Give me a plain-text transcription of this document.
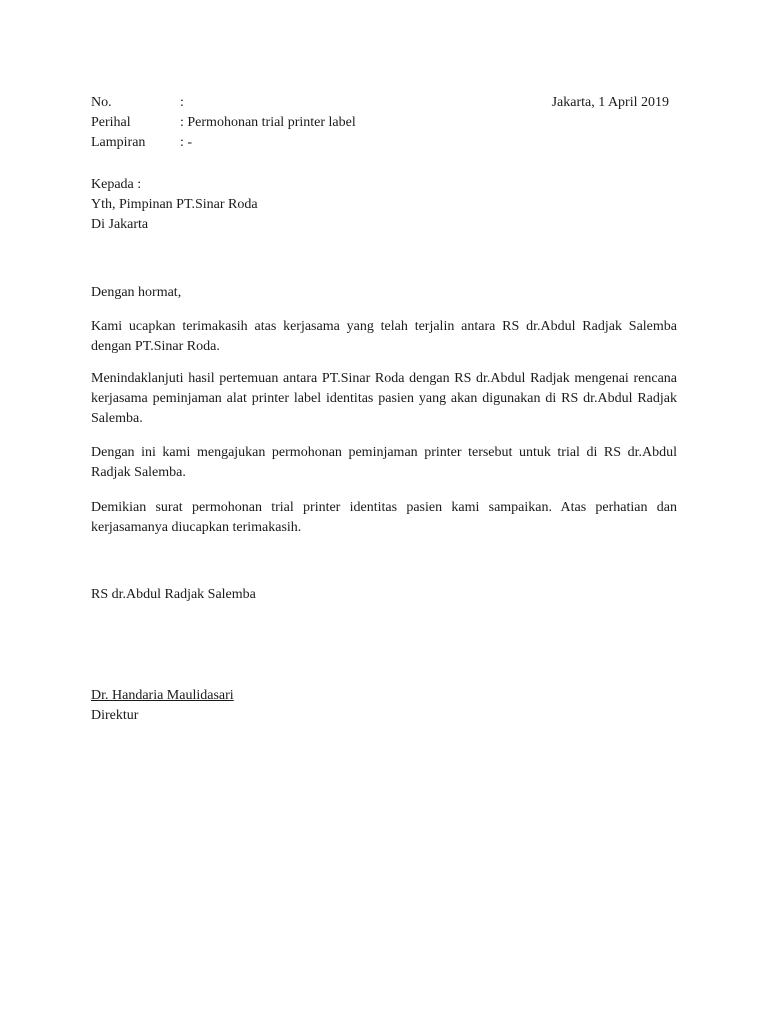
No.	:	Jakarta, 1 April 2019
Perihal	: Permohonan trial printer label
Lampiran : -
Kepada :
Yth, Pimpinan PT.Sinar Roda
Di Jakarta
Dengan hormat,
Kami ucapkan terimakasih atas kerjasama yang telah terjalin antara RS dr.Abdul Radjak Salemba dengan PT.Sinar Roda.
Menindaklanjuti hasil pertemuan antara PT.Sinar Roda dengan RS dr.Abdul Radjak mengenai rencana kerjasama peminjaman alat printer label identitas pasien yang akan digunakan di RS dr.Abdul Radjak Salemba.
Dengan ini kami mengajukan permohonan peminjaman printer tersebut untuk trial di RS dr.Abdul Radjak Salemba.
Demikian surat permohonan trial printer identitas pasien kami sampaikan. Atas perhatian dan kerjasamanya diucapkan terimakasih.
RS dr.Abdul Radjak Salemba
Dr. Handaria Maulidasari
Direktur
